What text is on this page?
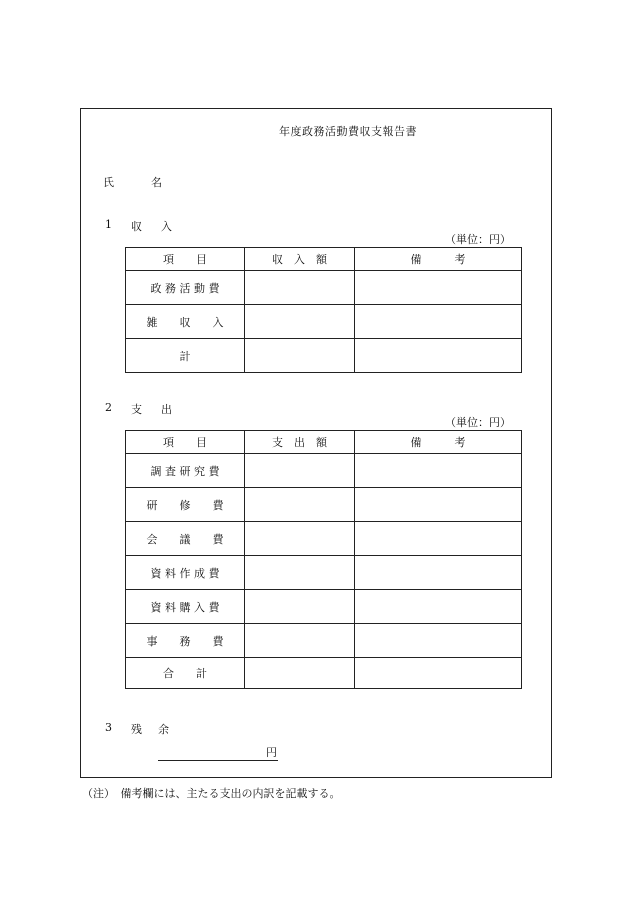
年度政務活動費収支報告書
氏	名
1 収 入
（単位：円）
項　　目	収　入　額	備　　　考
政 務 活 動 費		
雑　　収　　入		
計		
2 支 出
（単位：円）
項　　目	支　出　額	備　　　考
調 査 研 究 費		
研　　修　　費		
会　　議　　費		
資 料 作 成 費		
資 料 購 入 費		
事　　務　　費		
合　　計		
3 残 余
円
（注）　備考欄には、主たる支出の内訳を記載する。
